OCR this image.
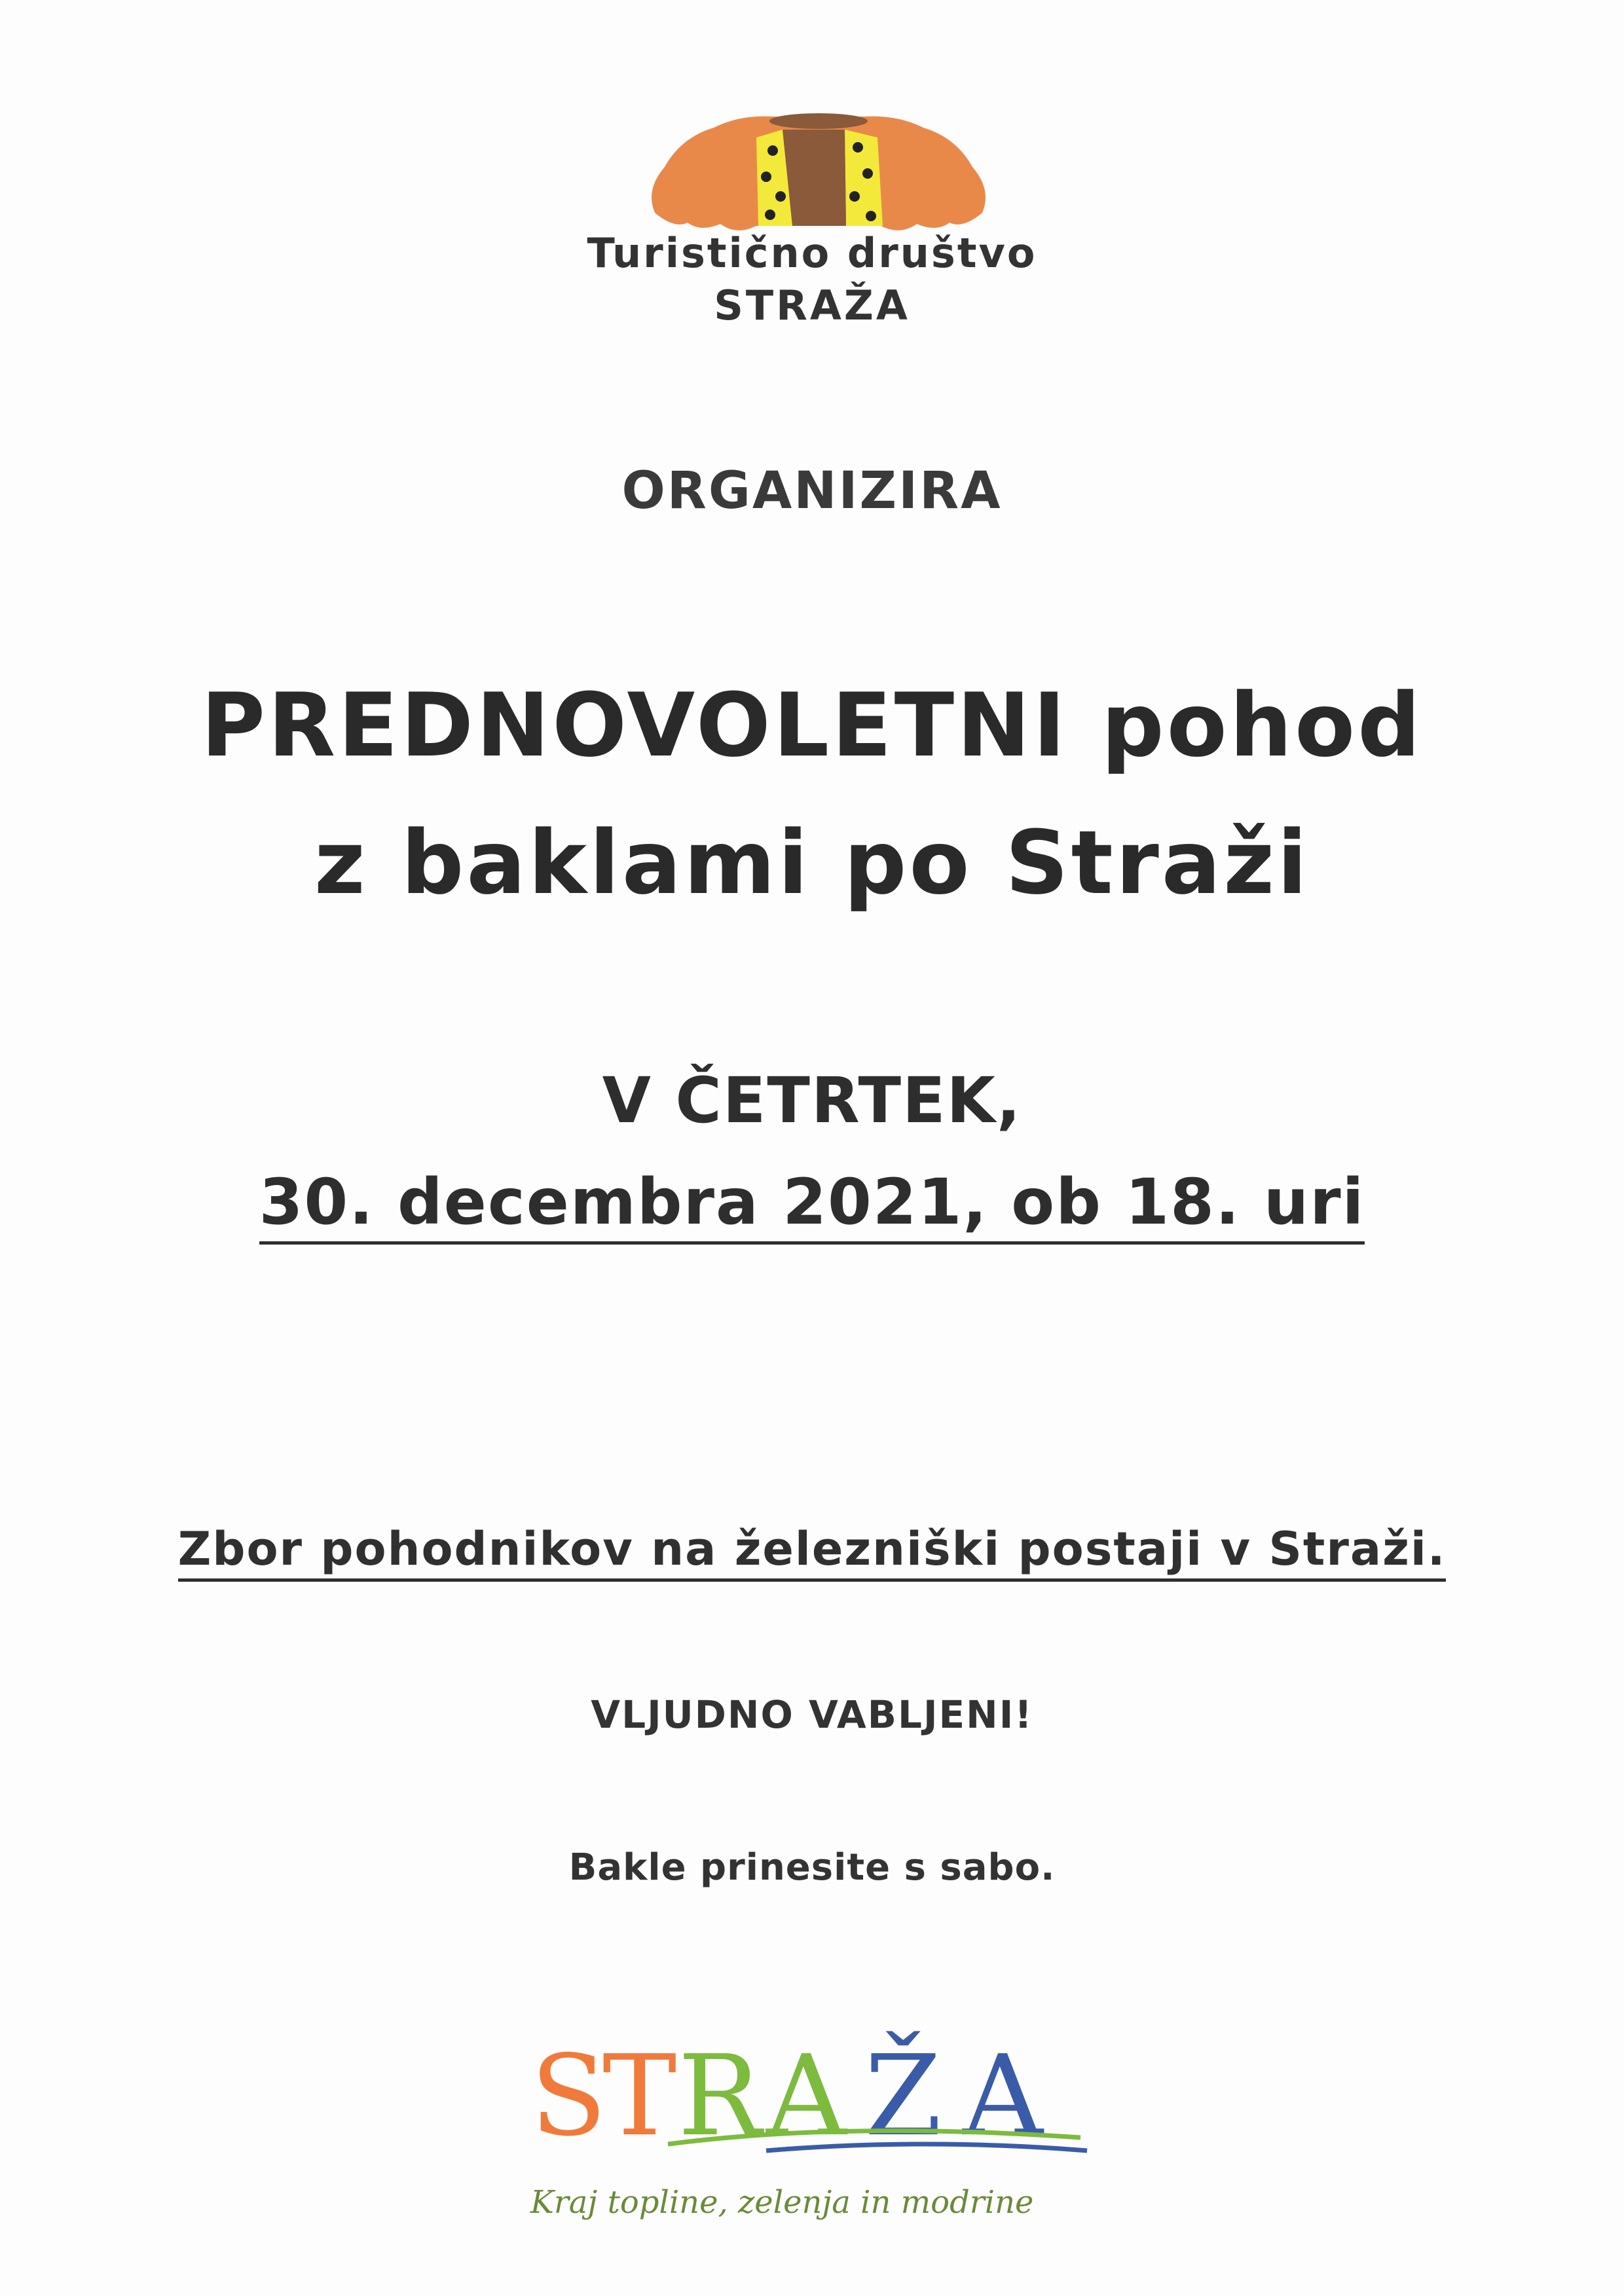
Turistično društvo
STRAŽA
ORGANIZIRA
PREDNOVOLETNI pohod
z baklami po Straži
V ČETRTEK,
30. decembra 2021, ob 18. uri
Zbor pohodnikov na železniški postaji v Straži.
VLJUDNO VABLJENI!
Bakle prinesite s sabo.
S
T R A Ž A
Kraj topline, zelenja in modrine
